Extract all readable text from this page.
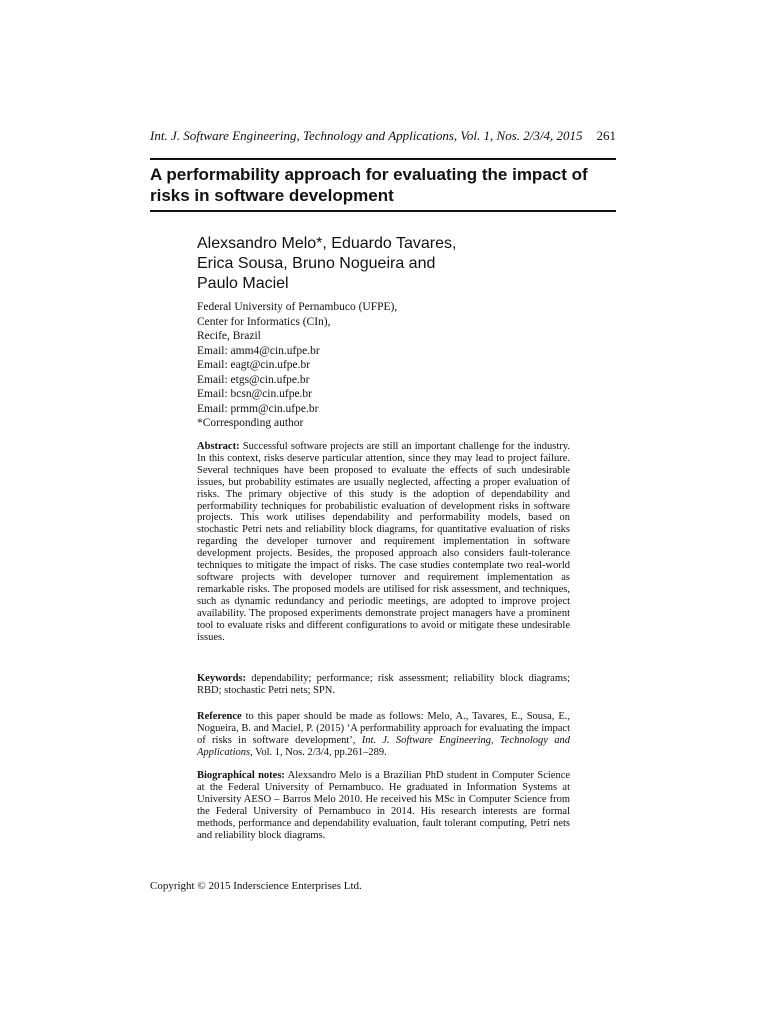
Int. J. Software Engineering, Technology and Applications, Vol. 1, Nos. 2/3/4, 2015 261
A performability approach for evaluating the impact of risks in software development
Alexsandro Melo*, Eduardo Tavares,
Erica Sousa, Bruno Nogueira and
Paulo Maciel
Federal University of Pernambuco (UFPE),
Center for Informatics (CIn),
Recife, Brazil
Email: amm4@cin.ufpe.br
Email: eagt@cin.ufpe.br
Email: etgs@cin.ufpe.br
Email: bcsn@cin.ufpe.br
Email: prmm@cin.ufpe.br
*Corresponding author

Abstract: Successful software projects are still an important challenge for the industry. In this context, risks deserve particular attention, since they may lead to project failure. Several techniques have been proposed to evaluate the effects of such undesirable issues, but probability estimates are usually neglected, affecting a proper evaluation of risks. The primary objective of this study is the adoption of dependability and performability techniques for probabilistic evaluation of development risks in software projects. This work utilises dependability and performability models, based on stochastic Petri nets and reliability block diagrams, for quantitative evaluation of risks regarding the developer turnover and requirement implementation in software development projects. Besides, the proposed approach also considers fault-tolerance techniques to mitigate the impact of risks. The case studies contemplate two real-world software projects with developer turnover and requirement implementation as remarkable risks. The proposed models are utilised for risk assessment, and techniques, such as dynamic redundancy and periodic meetings, are adopted to improve project availability. The proposed experiments demonstrate project managers have a prominent tool to evaluate risks and different configurations to avoid or mitigate these undesirable issues.

Keywords: dependability; performance; risk assessment; reliability block diagrams; RBD; stochastic Petri nets; SPN.

Reference to this paper should be made as follows: Melo, A., Tavares, E., Sousa, E., Nogueira, B. and Maciel, P. (2015) ‘A performability approach for evaluating the impact of risks in software development’, Int. J. Software Engineering, Technology and Applications, Vol. 1, Nos. 2/3/4, pp.261–289.

Biographical notes: Alexsandro Melo is a Brazilian PhD student in Computer Science at the Federal University of Pernambuco. He graduated in Information Systems at University AESO – Barros Melo 2010. He received his MSc in Computer Science from the Federal University of Pernambuco in 2014. His research interests are formal methods, performance and dependability evaluation, fault tolerant computing, Petri nets and reliability block diagrams.

Copyright © 2015 Inderscience Enterprises Ltd.
